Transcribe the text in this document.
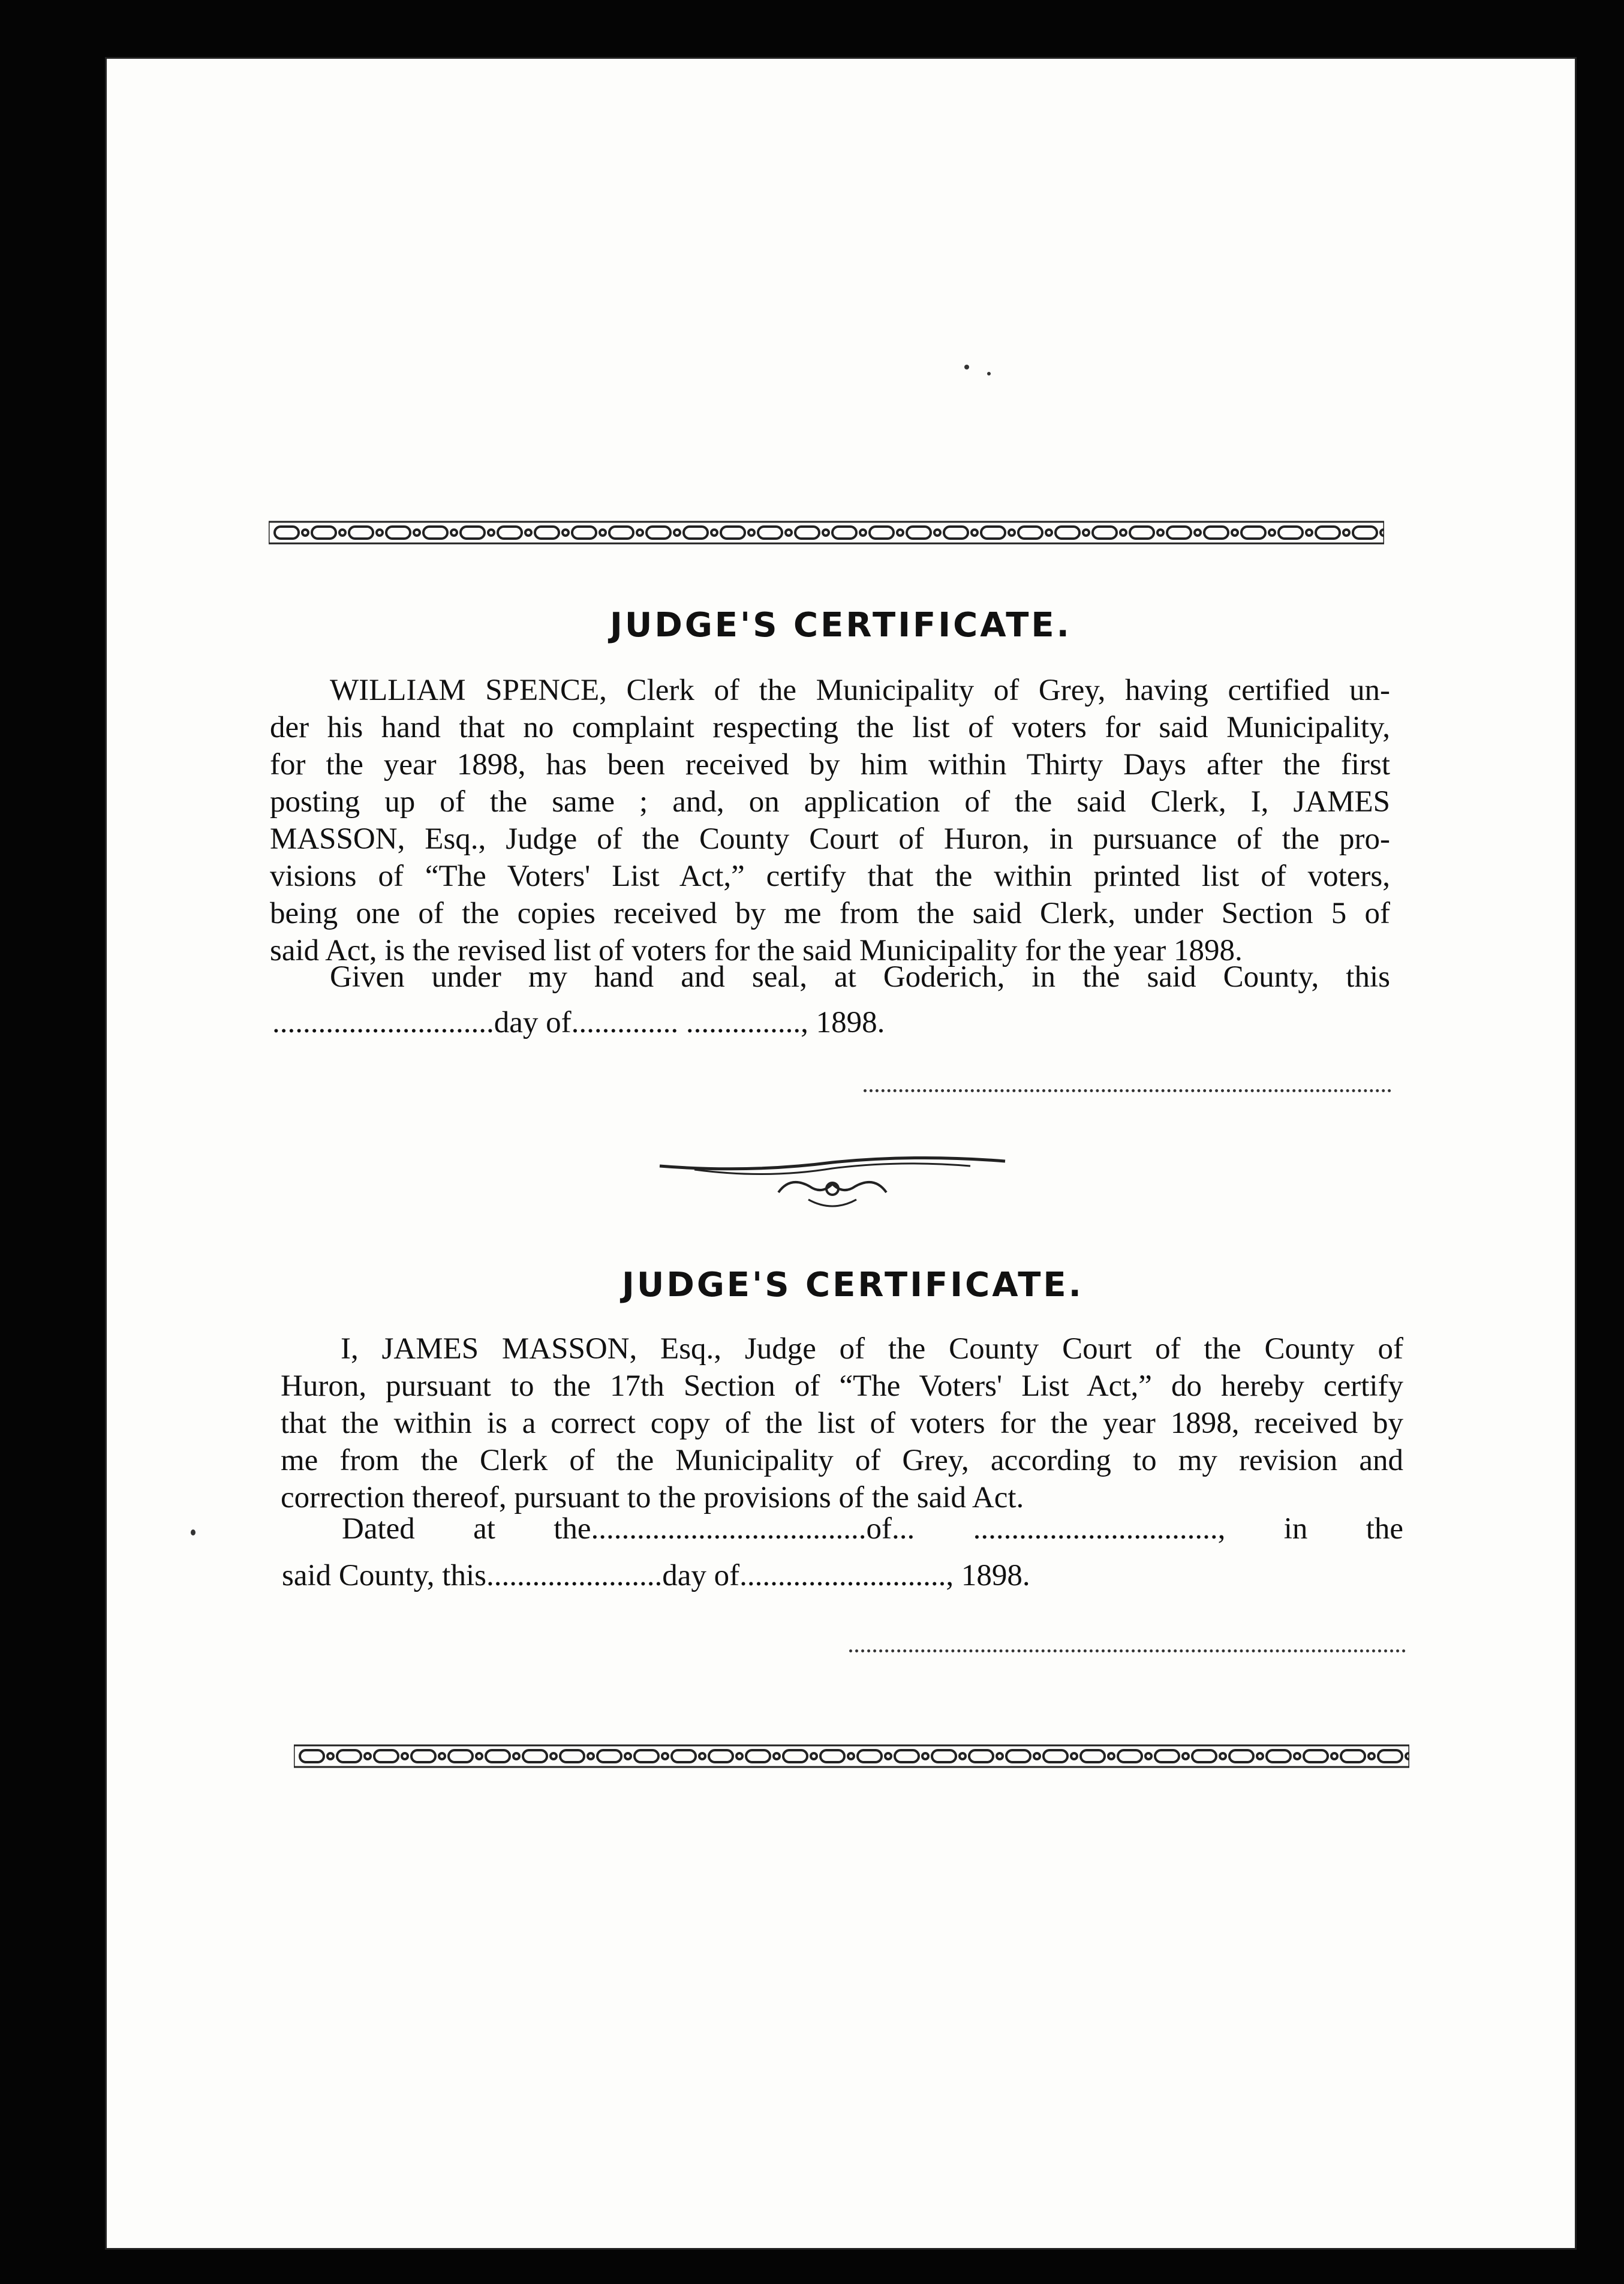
JUDGE'S CERTIFICATE.
WILLIAM SPENCE, Clerk of the Municipality of Grey, having certified un-
der his hand that no complaint respecting the list of voters for said Municipality,
for the year 1898, has been received by him within Thirty Days after the first
posting up of the same ; and, on application of the said Clerk, I, JAMES
MASSON, Esq., Judge of the County Court of Huron, in pursuance of the pro-
visions of “The Voters' List Act,” certify that the within printed list of voters,
being one of the copies received by me from the said Clerk, under Section 5 of
said Act, is the revised list of voters for the said Municipality for the year 1898.
Given under my hand and seal, at Goderich, in the said County, this
.............................day of.............. ..............., 1898.
JUDGE'S CERTIFICATE.
I, JAMES MASSON, Esq., Judge of the County Court of the County of
Huron, pursuant to the 17th Section of “The Voters' List Act,” do hereby certify
that the within is a correct copy of the list of voters for the year 1898, received by
me from the Clerk of the Municipality of Grey, according to my revision and
correction thereof, pursuant to the provisions of the said Act.
Dated at the....................................of... ................................, in the
said County, this.......................day of..........................., 1898.
